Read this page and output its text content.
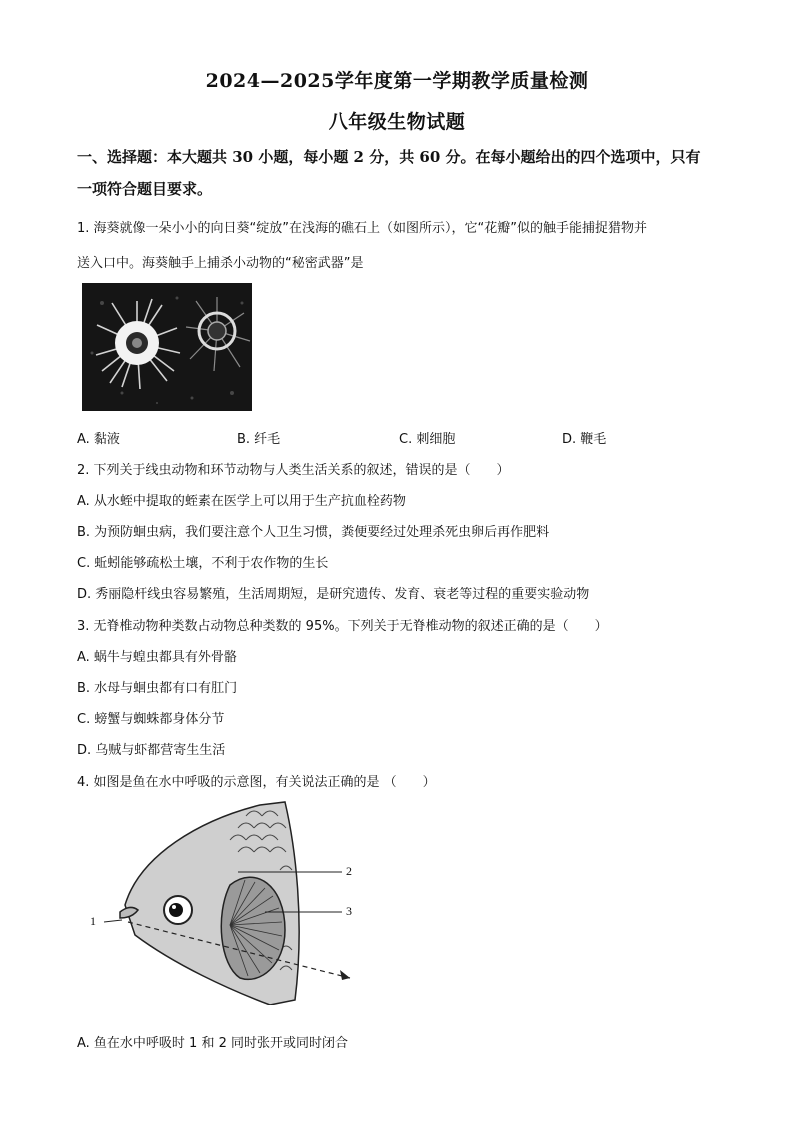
2024—2025学年度第一学期教学质量检测
八年级生物试题
一、选择题：本大题共 30 小题，每小题 2 分，共 60 分。在每小题给出的四个选项中，只有
一项符合题目要求。
1. 海葵就像一朵小小的向日葵“绽放”在浅海的礁石上（如图所示），它“花瓣”似的触手能捕捉猎物并
送入口中。海葵触手上捕杀小动物的“秘密武器”是
A. 黏液	B. 纤毛	C. 刺细胞	D. 鞭毛
2. 下列关于线虫动物和环节动物与人类生活关系的叙述，错误的是（　　）
A. 从水蛭中提取的蛭素在医学上可以用于生产抗血栓药物
B. 为预防蛔虫病，我们要注意个人卫生习惯，粪便要经过处理杀死虫卵后再作肥料
C. 蚯蚓能够疏松土壤，不利于农作物的生长
D. 秀丽隐杆线虫容易繁殖，生活周期短，是研究遗传、发育、衰老等过程的重要实验动物
3. 无脊椎动物种类数占动物总种类数的 95%。下列关于无脊椎动物的叙述正确的是（　　）
A. 蜗牛与蝗虫都具有外骨骼
B. 水母与蛔虫都有口有肛门
C. 螃蟹与蜘蛛都身体分节
D. 乌贼与虾都营寄生生活
4. 如图是鱼在水中呼吸的示意图，有关说法正确的是 （　　）
1
2
3
A. 鱼在水中呼吸时 1 和 2 同时张开或同时闭合
